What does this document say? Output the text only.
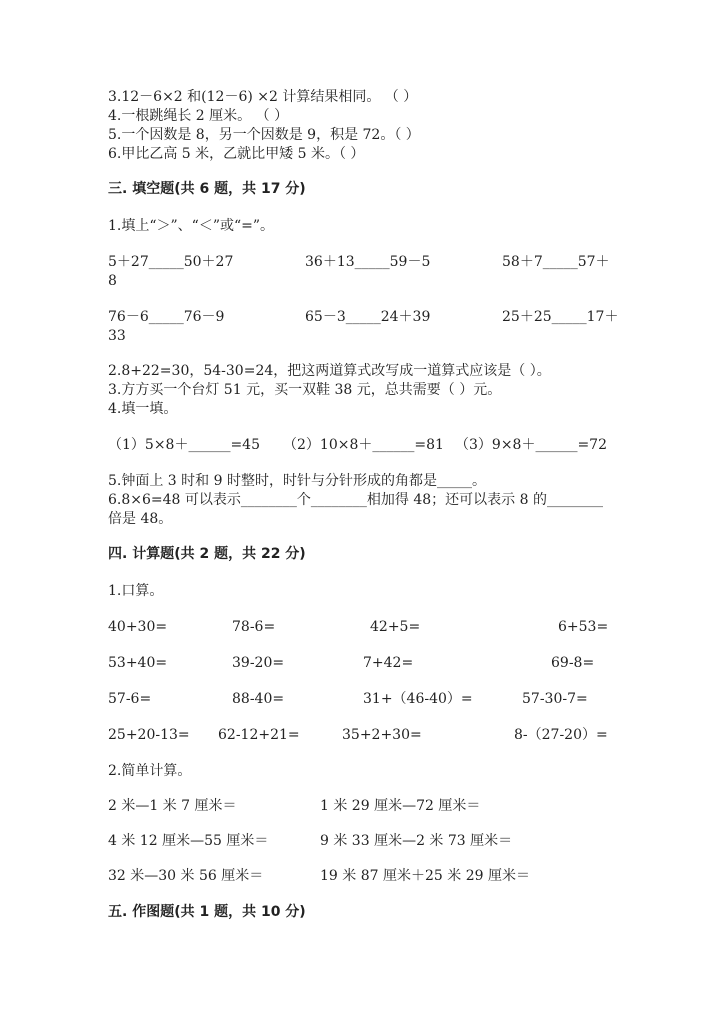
3.12－6×2 和(12－6) ×2 计算结果相同。 （ ）
4.一根跳绳长 2 厘米。 （ ）
5.一个因数是 8，另一个因数是 9，积是 72。（ ）
6.甲比乙高 5 米，乙就比甲矮 5 米。（ ）
三. 填空题(共 6 题，共 17 分)
1.填上“＞”、“＜”或“=”。
5＋27_____50＋27	36＋13_____59－5	58＋7_____57＋
8
76－6_____76－9	65－3_____24＋39	25＋25_____17＋
33
2.8+22=30，54-30=24，把这两道算式改写成一道算式应该是（ ）。
3.方方买一个台灯 51 元，买一双鞋 38 元，总共需要（ ）元。
4.填一填。
（1）5×8＋______=45 （2）10×8＋______=81 （3）9×8＋______=72
5.钟面上 3 时和 9 时整时，时针与分针形成的角都是_____。
6.8×6=48 可以表示________个________相加得 48；还可以表示 8 的________
倍是 48。
四. 计算题(共 2 题，共 22 分)
1.口算。
40+30=	78-6=	42+5=	6+53=
53+40=	39-20=	7+42=	69-8=
57-6=	88-40=	31+（46-40）=	57-30-7=
25+20-13= 62-12+21=	35+2+30=	8-（27-20）=
2.简单计算。
2 米—1 米 7 厘米＝	1 米 29 厘米—72 厘米＝
4 米 12 厘米—55 厘米＝	9 米 33 厘米—2 米 73 厘米＝
32 米—30 米 56 厘米＝	19 米 87 厘米＋25 米 29 厘米＝
五. 作图题(共 1 题，共 10 分)
